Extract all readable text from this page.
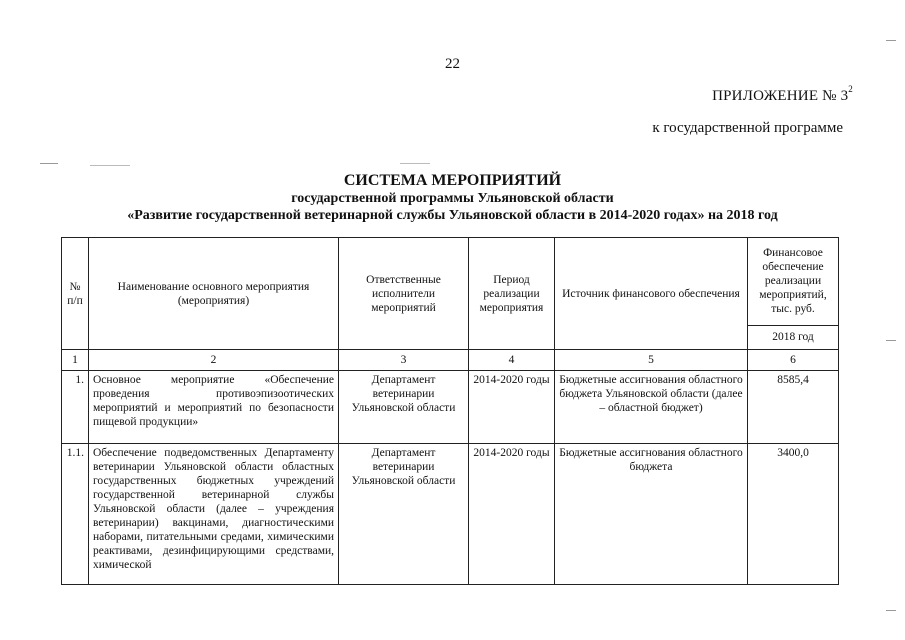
22
ПРИЛОЖЕНИЕ № $3^2$
к государственной программе
СИСТЕМА МЕРОПРИЯТИЙ
государственной программы Ульяновской области
«Развитие государственной ветеринарной службы Ульяновской области в 2014-2020 годах» на 2018 год
№ п/п	Наименование основного мероприятия (мероприятия)	Ответственные исполнители мероприятий	Период реализации мероприятия	Источник финансового обеспечения	Финансовое обеспечение реализации мероприятий, тыс. руб.
					2018 год
1	2	3	4	5	6
1.	Основное мероприятие «Обеспечение проведения противоэпизоотических мероприятий и мероприятий по безопасности пищевой продукции»	Департамент ветеринарии Ульяновской области	2014-2020 годы	Бюджетные ассигнования областного бюджета Ульяновской области (далее – областной бюджет)	8585,4
1.1.	Обеспечение подведомственных Департаменту ветеринарии Ульяновской области областных государственных бюджетных учреждений государственной ветеринарной службы Ульяновской области (далее – учреждения ветеринарии) вакцинами, диагностическими наборами, питательными средами, химическими реактивами, дезинфицирующими средствами, химической	Департамент ветеринарии Ульяновской области	2014-2020 годы	Бюджетные ассигнования областного бюджета	3400,0
